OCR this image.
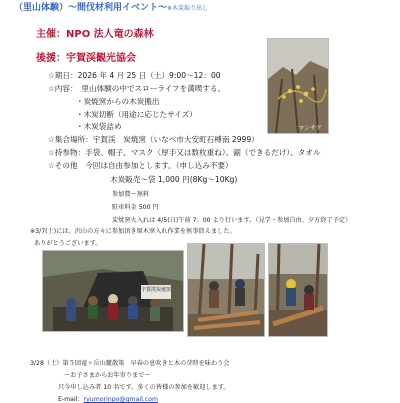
（里山体験）～間伐材利用イベント～※木炭取り出し
主催：NPO 法人竜の森林
後援：宇賀渓観光協会
☆期日：2026 年 4 月 25 日（土）9:00～12：00
☆内容：　里山体験の中でスローライフを満喫する。
・炭焼窯からの木炭搬出
・木炭切断（用途に応じたサイズ）
・木炭袋詰め
☆集合場所：宇賀渓　炭焼窯（いなべ市大安町石榑南 2999）
☆持参物：手袋、帽子、マスク（厚手又は数枚重ね）、鋸（できるだけ）、タオル
☆その他　今回は自由参加とします。（申し込み不要）
木炭販売～袋 1,000 円(8Kg～10Kg)
参加費～無料
駐車料金 500 円
炭焼窯火入れは 4/5(日)午前 7：00 より行います。（見学・参加自由、夕方終了予定）
マンサク
※3/7(土)には、沢山の方々に参加頂き原木窯入れ作業を無事終えました。
ありがとうございます。
宇賀渓炭焼窯
3/28（土）第５回竜ヶ岳山麓散策　早春の息吹きと木の芽時を味わう会
～お子さまからお年寄りまで～
只今申し込み者 10 名です。多くの皆様の参加を歓迎します。
E-mail：ryumorinpo@gmail.com
